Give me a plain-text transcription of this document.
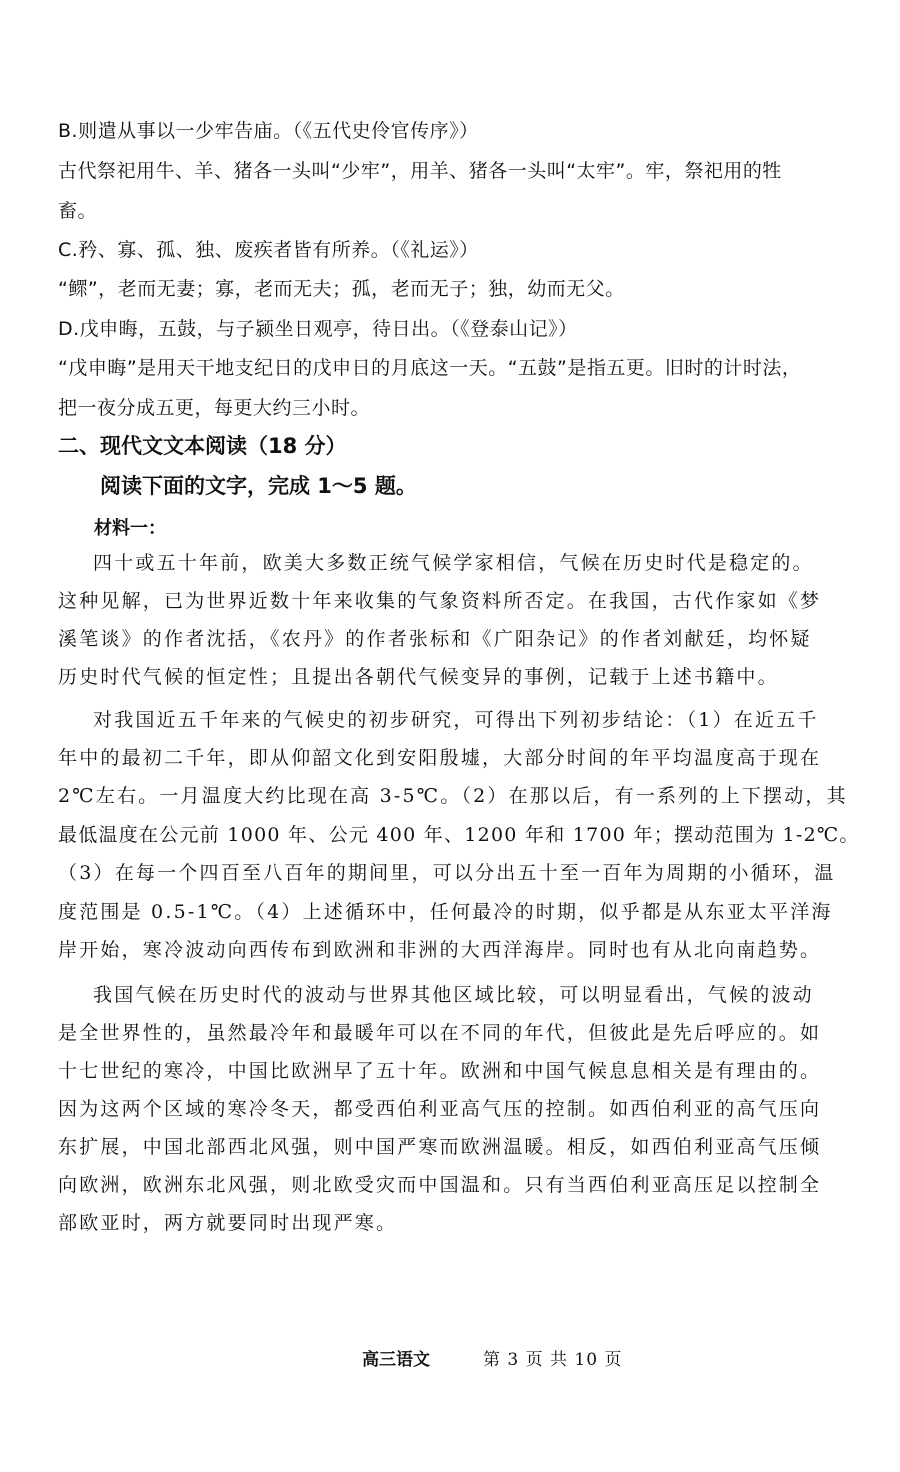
B.则遣从事以一少牢告庙。（《五代史伶官传序》）
古代祭祀用牛、羊、猪各一头叫“少牢”，用羊、猪各一头叫“太牢”。牢，祭祀用的牲
畜。
C.矜、寡、孤、独、废疾者皆有所养。（《礼运》）
“鳏”，老而无妻；寡，老而无夫；孤，老而无子；独，幼而无父。
D.戊申晦，五鼓，与子颍坐日观亭，待日出。（《登泰山记》）
“戊申晦”是用天干地支纪日的戊申日的月底这一天。“五鼓”是指五更。旧时的计时法，
把一夜分成五更，每更大约三小时。
二、现代文文本阅读（18 分）
阅读下面的文字，完成 1～5 题。
材料一：
四十或五十年前，欧美大多数正统气候学家相信，气候在历史时代是稳定的。
这种见解，已为世界近数十年来收集的气象资料所否定。在我国，古代作家如《梦
溪笔谈》的作者沈括，《农丹》的作者张标和《广阳杂记》的作者刘献廷，均怀疑
历史时代气候的恒定性；且提出各朝代气候变异的事例，记载于上述书籍中。
对我国近五千年来的气候史的初步研究，可得出下列初步结论：（1）在近五千
年中的最初二千年，即从仰韶文化到安阳殷墟，大部分时间的年平均温度高于现在
2℃左右。一月温度大约比现在高 3-5℃。（2）在那以后，有一系列的上下摆动，其
最低温度在公元前 1000 年、公元 400 年、1200 年和 1700 年；摆动范围为 1-2℃。
（3）在每一个四百至八百年的期间里，可以分出五十至一百年为周期的小循环，温
度范围是 0.5-1℃。（4）上述循环中，任何最冷的时期，似乎都是从东亚太平洋海
岸开始，寒冷波动向西传布到欧洲和非洲的大西洋海岸。同时也有从北向南趋势。
我国气候在历史时代的波动与世界其他区域比较，可以明显看出，气候的波动
是全世界性的，虽然最冷年和最暖年可以在不同的年代，但彼此是先后呼应的。如
十七世纪的寒冷，中国比欧洲早了五十年。欧洲和中国气候息息相关是有理由的。
因为这两个区域的寒冷冬天，都受西伯利亚高气压的控制。如西伯利亚的高气压向
东扩展，中国北部西北风强，则中国严寒而欧洲温暖。相反，如西伯利亚高气压倾
向欧洲，欧洲东北风强，则北欧受灾而中国温和。只有当西伯利亚高压足以控制全
部欧亚时，两方就要同时出现严寒。
高三语文	第 3 页 共 10 页
